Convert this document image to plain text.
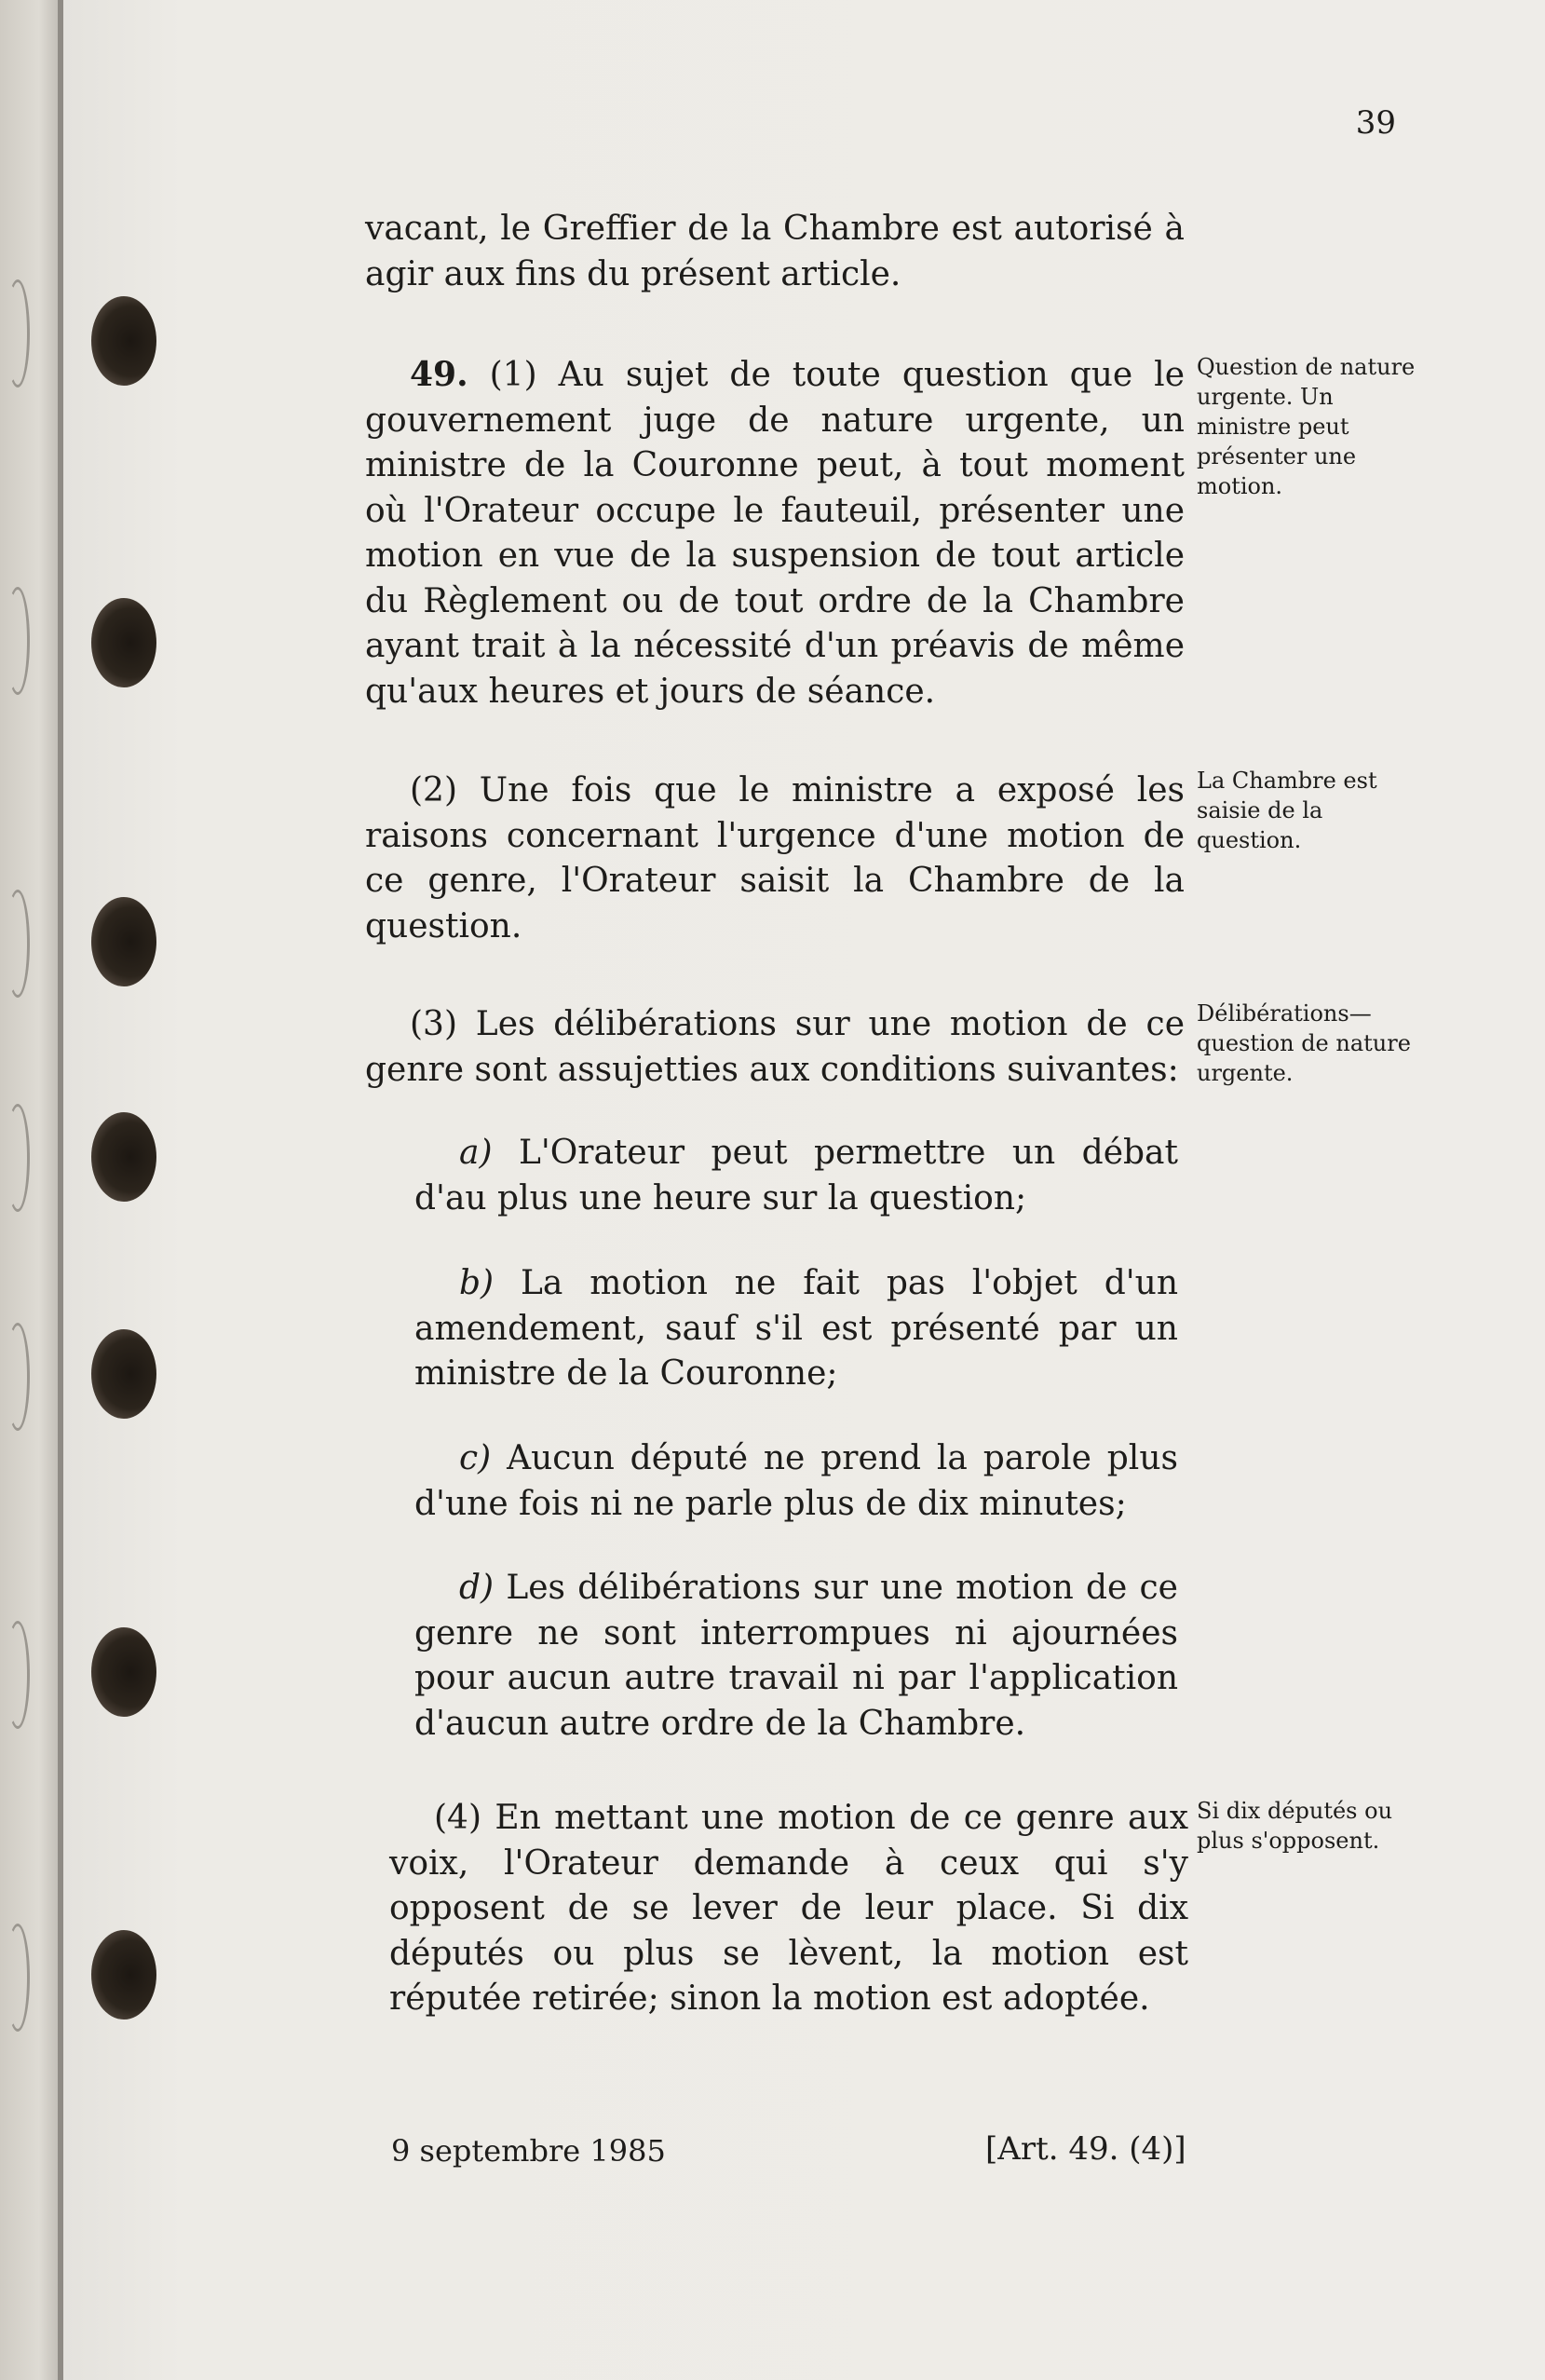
39

vacant, le Greffier de la Chambre est autorisé à agir aux fins du présent article.

49. (1) Au sujet de toute question que le gouvernement juge de nature urgente, un ministre de la Couronne peut, à tout moment où l'Orateur occupe le fauteuil, présenter une motion en vue de la suspension de tout article du Règlement ou de tout ordre de la Chambre ayant trait à la nécessité d'un préavis de même qu'aux heures et jours de séance.

(2) Une fois que le ministre a exposé les raisons concernant l'urgence d'une motion de ce genre, l'Orateur saisit la Chambre de la question.

(3) Les délibérations sur une motion de ce genre sont assujetties aux conditions suivantes:

a) L'Orateur peut permettre un débat d'au plus une heure sur la question;

b) La motion ne fait pas l'objet d'un amendement, sauf s'il est présenté par un ministre de la Couronne;

c) Aucun député ne prend la parole plus d'une fois ni ne parle plus de dix minutes;

d) Les délibérations sur une motion de ce genre ne sont interrompues ni ajournées pour aucun autre travail ni par l'application d'aucun autre ordre de la Chambre.

(4) En mettant une motion de ce genre aux voix, l'Orateur demande à ceux qui s'y opposent de se lever de leur place. Si dix députés ou plus se lèvent, la motion est réputée retirée; sinon la motion est adoptée.

Question de nature urgente. Un ministre peut présenter une motion.
La Chambre est saisie de la question.
Délibérations— question de nature urgente.
Si dix députés ou plus s'opposent.
9 septembre 1985	[Art. 49. (4)]
